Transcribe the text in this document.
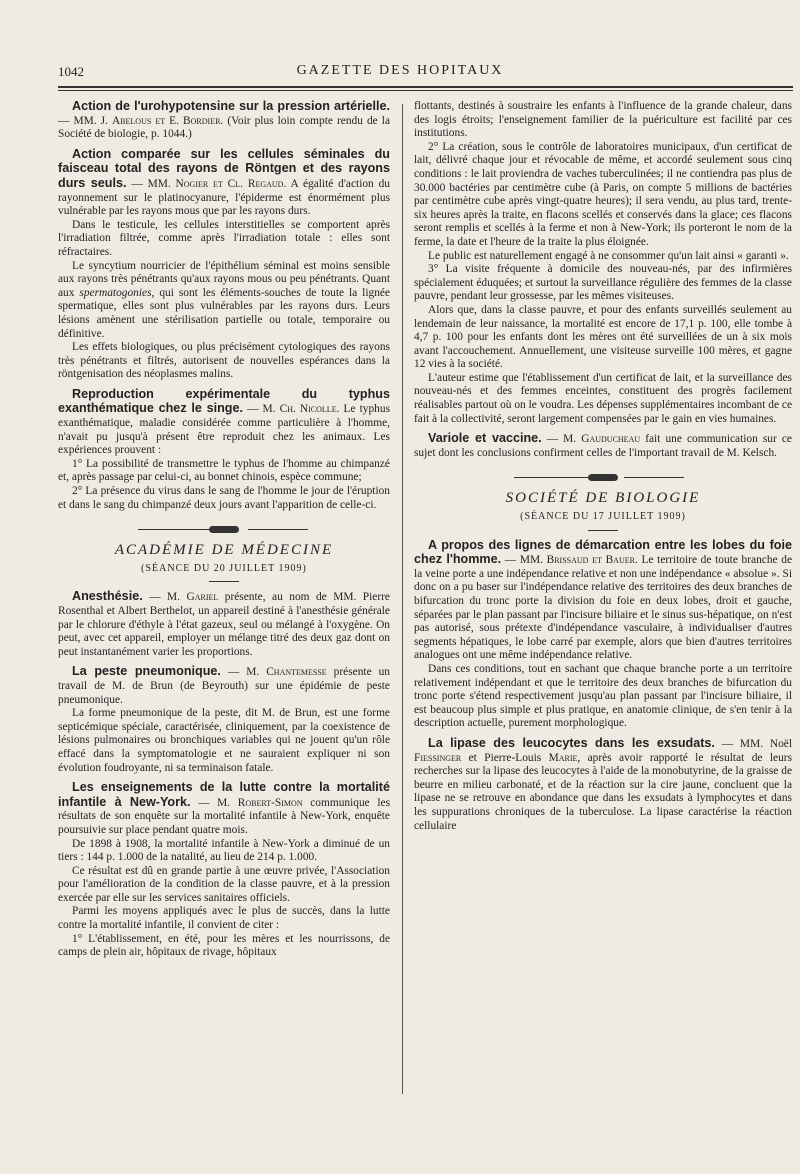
1042	GAZETTE DES HOPITAUX

Action de l'urohypotensine sur la pression artérielle. — MM. J. Abelous et E. Bordier. (Voir plus loin compte rendu de la Société de biologie, p. 1044.)

Action comparée sur les cellules séminales du faisceau total des rayons de Röntgen et des rayons durs seuls. — MM. Nogier et Cl. Regaud. A égalité d'action du rayonnement sur le platinocyanure, l'épiderme est énormément plus vulnérable par les rayons mous que par les rayons durs.

Dans le testicule, les cellules interstitielles se comportent après l'irradiation filtrée, comme après l'irradiation totale : elles sont réfractaires.

Le syncytium nourricier de l'épithélium séminal est moins sensible aux rayons très pénétrants qu'aux rayons mous ou peu pénétrants. Quant aux spermatogonies, qui sont les éléments-souches de toute la lignée spermatique, elles sont plus vulnérables par les rayons durs. Leurs lésions amènent une stérilisation partielle ou totale, temporaire ou définitive.

Les effets biologiques, ou plus précisément cytologiques des rayons très pénétrants et filtrés, autorisent de nouvelles espérances dans la röntgenisation des néoplasmes malins.

Reproduction expérimentale du typhus exanthématique chez le singe. — M. Ch. Nicolle. Le typhus exanthématique, maladie considérée comme particulière à l'homme, n'avait pu jusqu'à présent être reproduit chez les animaux. Les expériences prouvent :

1° La possibilité de transmettre le typhus de l'homme au chimpanzé et, après passage par celui-ci, au bonnet chinois, espèce commune;

2° La présence du virus dans le sang de l'homme le jour de l'éruption et dans le sang du chimpanzé deux jours avant l'apparition de celle-ci.

ACADÉMIE DE MÉDECINE
(SÉANCE DU 20 JUILLET 1909)

Anesthésie. — M. Gariel présente, au nom de MM. Pierre Rosenthal et Albert Berthelot, un appareil destiné à l'anesthésie générale par le chlorure d'éthyle à l'état gazeux, seul ou mélangé à l'oxygène. On peut, avec cet appareil, employer un mélange titré des deux gaz dont on peut instantanément varier les proportions.

La peste pneumonique. — M. Chantemesse présente un travail de M. de Brun (de Beyrouth) sur une épidémie de peste pneumonique.

La forme pneumonique de la peste, dit M. de Brun, est une forme septicémique spéciale, caractérisée, cliniquement, par la coexistence de lésions pulmonaires ou bronchiques variables qui ne jouent qu'un rôle effacé dans la symptomatologie et ne sauraient expliquer ni son évolution foudroyante, ni sa terminaison fatale.

Les enseignements de la lutte contre la mortalité infantile à New-York. — M. Robert-Simon communique les résultats de son enquête sur la mortalité infantile à New-York, enquête poursuivie sur place pendant quatre mois.

De 1898 à 1908, la mortalité infantile à New-York a diminué de un tiers : 144 p. 1.000 de la natalité, au lieu de 214 p. 1.000.

Ce résultat est dû en grande partie à une œuvre privée, l'Association pour l'amélioration de la condition de la classe pauvre, et à la pression exercée par elle sur les services sanitaires officiels.

Parmi les moyens appliqués avec le plus de succès, dans la lutte contre la mortalité infantile, il convient de citer :

1° L'établissement, en été, pour les mères et les nourrissons, de camps de plein air, hôpitaux de rivage, hôpitaux

flottants, destinés à soustraire les enfants à l'influence de la grande chaleur, dans des logis étroits; l'enseignement familier de la puériculture est facilité par ces institutions.

2° La création, sous le contrôle de laboratoires municipaux, d'un certificat de lait, délivré chaque jour et révocable de même, et accordé seulement sous cinq conditions : le lait proviendra de vaches tuberculinées; il ne contiendra pas plus de 30.000 bactéries par centimètre cube (à Paris, on compte 5 millions de bactéries par centimètre cube après vingt-quatre heures); il sera vendu, au plus tard, trente-six heures après la traite, en flacons scellés et conservés dans la glace; ces flacons seront remplis et scellés à la ferme et non à New-York; ils porteront le nom de la ferme, la date et l'heure de la traite la plus éloignée.

Le public est naturellement engagé à ne consommer qu'un lait ainsi « garanti ».

3° La visite fréquente à domicile des nouveau-nés, par des infirmières spécialement éduquées; et surtout la surveillance régulière des femmes de la classe pauvre, pendant leur grossesse, par les mêmes visiteuses.

Alors que, dans la classe pauvre, et pour des enfants surveillés seulement au lendemain de leur naissance, la mortalité est encore de 17,1 p. 100, elle tombe à 4,7 p. 100 pour les enfants dont les mères ont été surveillées de un à six mois avant l'accouchement. Annuellement, une visiteuse surveille 100 mères, et gagne 12 vies à la société.

L'auteur estime que l'établissement d'un certificat de lait, et la surveillance des nouveau-nés et des femmes enceintes, constituent des progrès facilement réalisables partout où on le voudra. Les dépenses supplémentaires incombant de ce fait à la collectivité, seront largement compensées par le gain en vies humaines.

Variole et vaccine. — M. Gauducheau fait une communication sur ce sujet dont les conclusions confirment celles de l'important travail de M. Kelsch.

SOCIÉTÉ DE BIOLOGIE
(SÉANCE DU 17 JUILLET 1909)

A propos des lignes de démarcation entre les lobes du foie chez l'homme. — MM. Brissaud et Bauer. Le territoire de toute branche de la veine porte a une indépendance relative et non une indépendance « absolue ». Si donc on a pu baser sur l'indépendance relative des territoires des deux branches de bifurcation du tronc porte la division du foie en deux lobes, droit et gauche, séparées par le plan passant par l'incisure biliaire et le sinus sus-hépatique, on n'est pas autorisé, sous prétexte d'indépendance vasculaire, à individualiser d'autres segments hépatiques, le lobe carré par exemple, alors que bien d'autres territoires analogues ont une même indépendance relative.

Dans ces conditions, tout en sachant que chaque branche porte a un territoire relativement indépendant et que le territoire des deux branches de bifurcation du tronc porte s'étend respectivement jusqu'au plan passant par l'incisure biliaire, il est beaucoup plus simple et plus pratique, en anatomie clinique, de s'en tenir à la description actuelle, purement morphologique.

La lipase des leucocytes dans les exsudats. — MM. Noël Fiessinger et Pierre-Louis Marie, après avoir rapporté le résultat de leurs recherches sur la lipase des leucocytes à l'aide de la monobutyrine, de la graisse de beurre en milieu carbonaté, et de la réaction sur la cire jaune, concluent que la lipase ne se retrouve en abondance que dans les exsudats à lymphocytes et dans les suppurations chroniques de la tuberculose. La lipase caractérise la réaction cellulaire
